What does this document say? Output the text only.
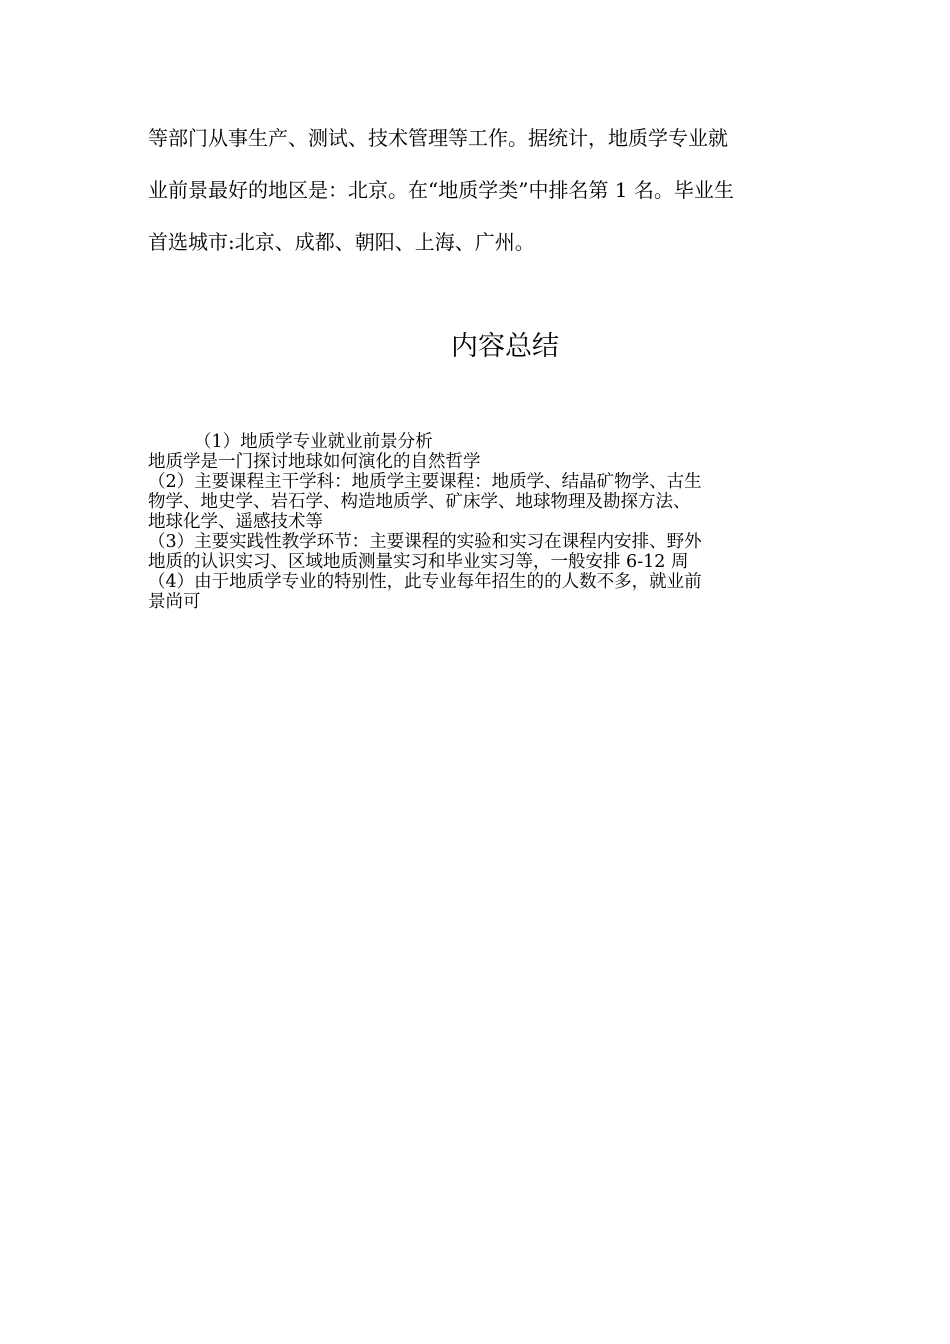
等部门从事生产、测试、技术管理等工作。据统计，地质学专业就
业前景最好的地区是：北京。在“地质学类”中排名第 1 名。毕业生
首选城市:北京、成都、朝阳、上海、广州。
内容总结
（1）地质学专业就业前景分析
地质学是一门探讨地球如何演化的自然哲学
（2）主要课程主干学科：地质学主要课程：地质学、结晶矿物学、古生
物学、地史学、岩石学、构造地质学、矿床学、地球物理及勘探方法、
地球化学、遥感技术等
（3）主要实践性教学环节：主要课程的实验和实习在课程内安排、野外
地质的认识实习、区域地质测量实习和毕业实习等，一般安排 6-12 周
（4）由于地质学专业的特别性，此专业每年招生的的人数不多，就业前
景尚可
